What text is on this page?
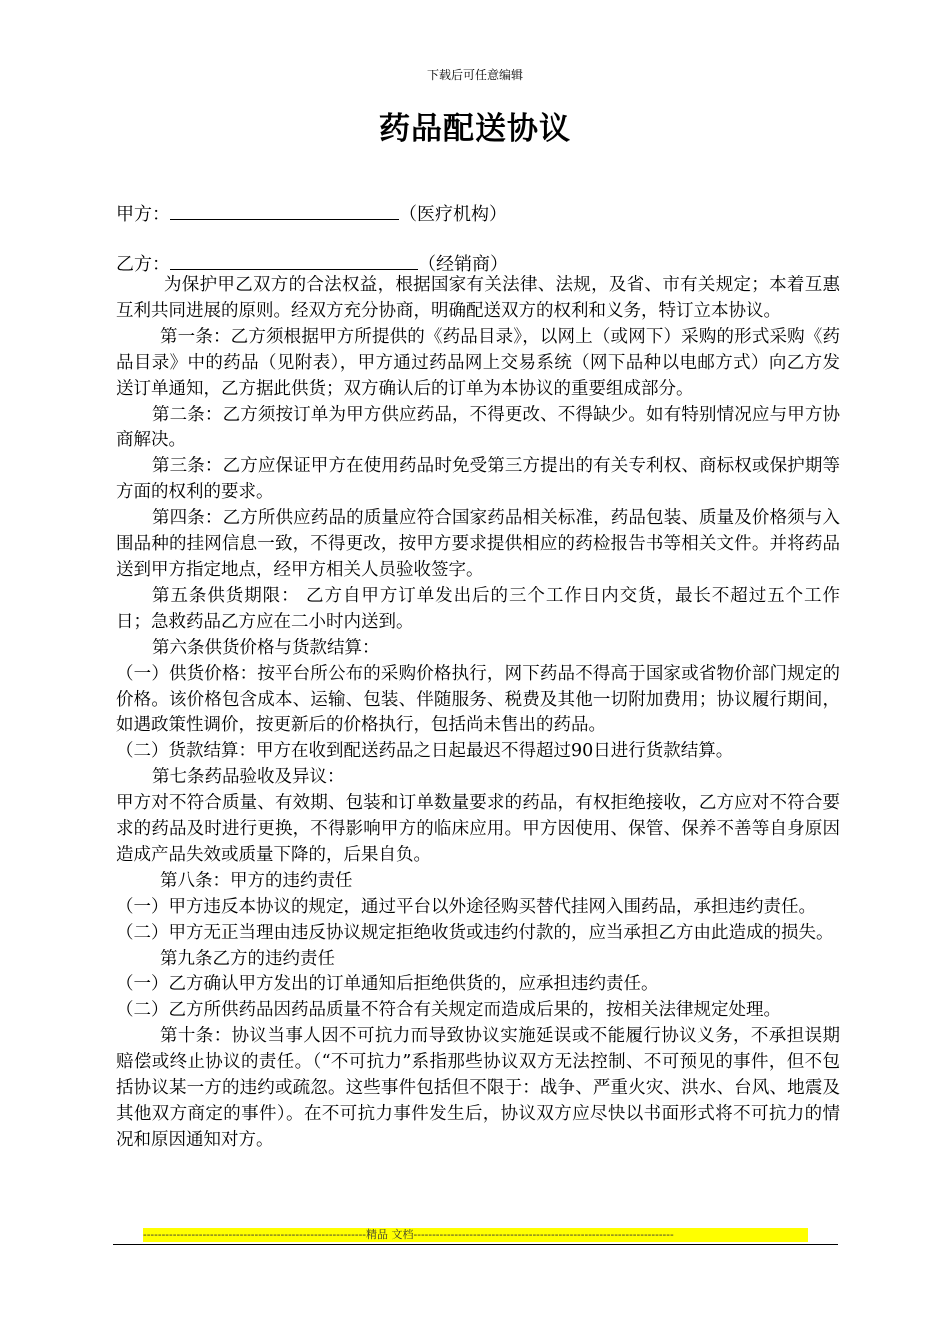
下载后可任意编辑
药品配送协议
甲方：	（医疗机构）
乙方：	（经销商）

为保护甲乙双方的合法权益，根据国家有关法律、法规，及省、市有关规定；本着互惠互利共同进展的原则。经双方充分协商，明确配送双方的权利和义务，特订立本协议。

第一条：乙方须根据甲方所提供的《药品目录》，以网上（或网下）采购的形式采购《药品目录》中的药品（见附表），甲方通过药品网上交易系统（网下品种以电邮方式）向乙方发送订单通知，乙方据此供货；双方确认后的订单为本协议的重要组成部分。

第二条：乙方须按订单为甲方供应药品，不得更改、不得缺少。如有特别情况应与甲方协商解决。

第三条：乙方应保证甲方在使用药品时免受第三方提出的有关专利权、商标权或保护期等方面的权利的要求。

第四条：乙方所供应药品的质量应符合国家药品相关标准，药品包装、质量及价格须与入围品种的挂网信息一致，不得更改，按甲方要求提供相应的药检报告书等相关文件。并将药品送到甲方指定地点，经甲方相关人员验收签字。

第五条供货期限： 乙方自甲方订单发出后的三个工作日内交货，最长不超过五个工作日；急救药品乙方应在二小时内送到。

第六条供货价格与货款结算：

（一）供货价格：按平台所公布的采购价格执行，网下药品不得高于国家或省物价部门规定的价格。该价格包含成本、运输、包装、伴随服务、税费及其他一切附加费用；协议履行期间，如遇政策性调价，按更新后的价格执行，包括尚未售出的药品。

（二）货款结算：甲方在收到配送药品之日起最迟不得超过90日进行货款结算。

第七条药品验收及异议：

甲方对不符合质量、有效期、包装和订单数量要求的药品，有权拒绝接收，乙方应对不符合要求的药品及时进行更换，不得影响甲方的临床应用。甲方因使用、保管、保养不善等自身原因造成产品失效或质量下降的，后果自负。

第八条：甲方的违约责任

（一）甲方违反本协议的规定，通过平台以外途径购买替代挂网入围药品，承担违约责任。

（二）甲方无正当理由违反协议规定拒绝收货或违约付款的，应当承担乙方由此造成的损失。

第九条乙方的违约责任

（一）乙方确认甲方发出的订单通知后拒绝供货的，应承担违约责任。

（二）乙方所供药品因药品质量不符合有关规定而造成后果的，按相关法律规定处理。

第十条：协议当事人因不可抗力而导致协议实施延误或不能履行协议义务，不承担误期赔偿或终止协议的责任。（“不可抗力”系指那些协议双方无法控制、不可预见的事件，但不包括协议某一方的违约或疏忽。这些事件包括但不限于：战争、严重火灾、洪水、台风、地震及其他双方商定的事件）。在不可抗力事件发生后，协议双方应尽快以书面形式将不可抗力的情况和原因通知对方。

------------------------------------------------------------精品 文档----------------------------------------------------------------------
